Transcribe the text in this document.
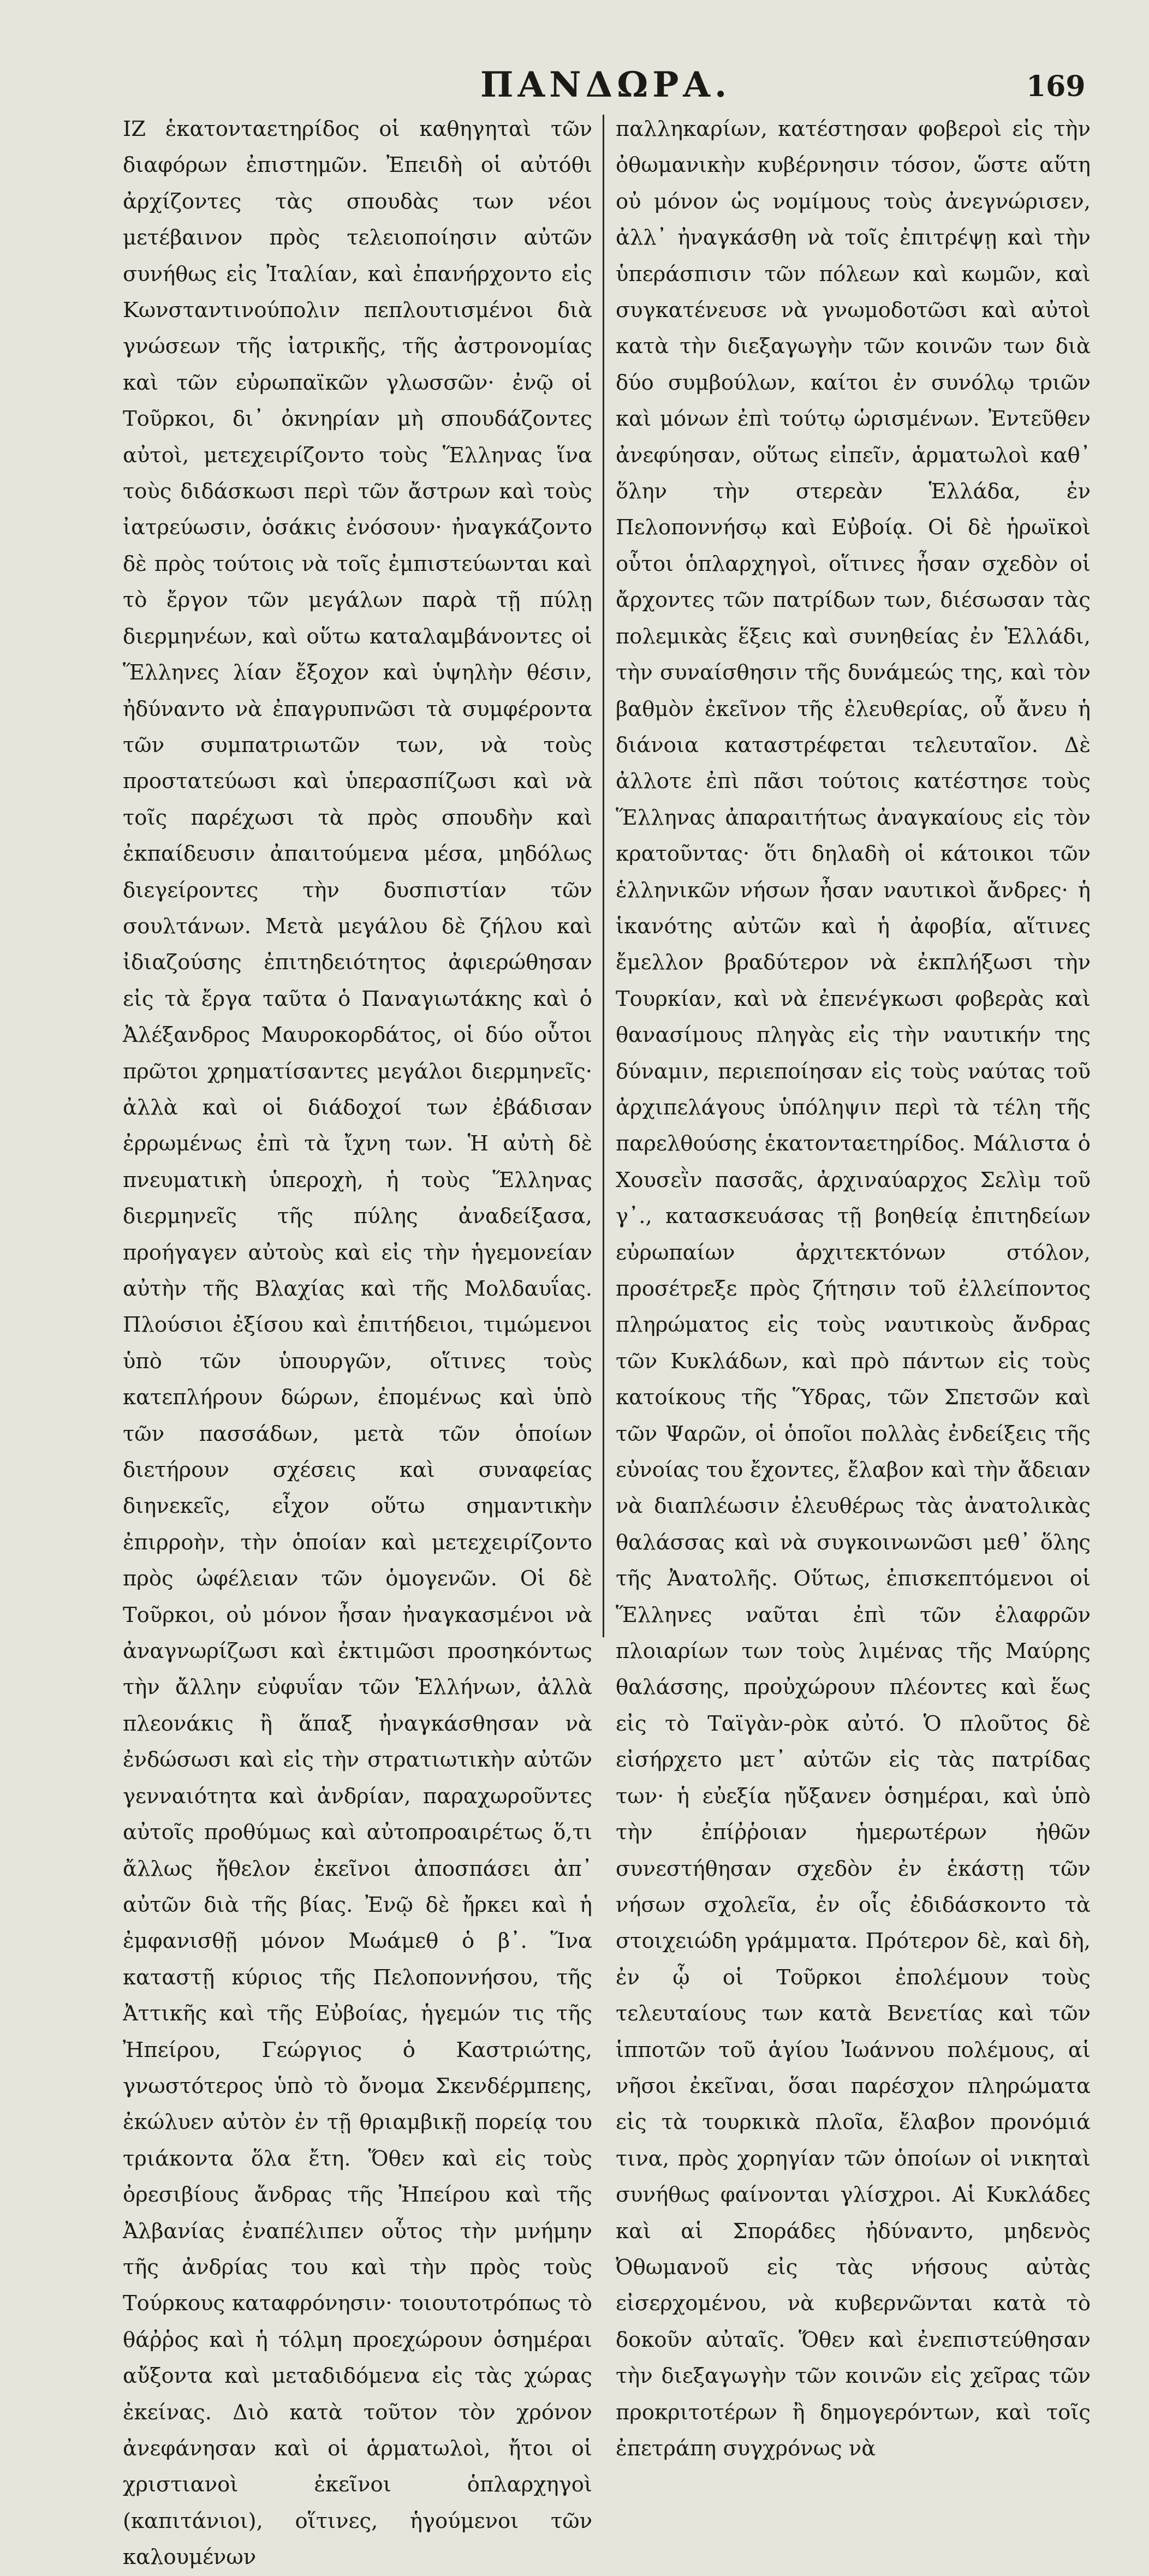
ΠΑΝΔΩΡΑ.	169

ΙΖ ἑκατονταετηρίδος οἱ καθηγηταὶ τῶν διαφόρων ἐπιστημῶν. Ἐπειδὴ οἱ αὐτόθι ἀρχίζοντες τὰς σπουδὰς των νέοι μετέβαινον πρὸς τελειοποίησιν αὐτῶν συνήθως εἰς Ἰταλίαν, καὶ ἐπανήρχοντο εἰς Κωνσταντινούπολιν πεπλουτισμένοι διὰ γνώσεων τῆς ἰατρικῆς, τῆς ἀστρονομίας καὶ τῶν εὐρωπαϊκῶν γλωσσῶν· ἐνῷ οἱ Τοῦρκοι, δι᾽ ὀκνηρίαν μὴ σπουδάζοντες αὐτοὶ, μετεχειρίζοντο τοὺς Ἕλληνας ἵνα τοὺς διδάσκωσι περὶ τῶν ἄστρων καὶ τοὺς ἰατρεύωσιν, ὁσάκις ἐνόσουν· ἠναγκάζοντο δὲ πρὸς τούτοις νὰ τοῖς ἐμπιστεύωνται καὶ τὸ ἔργον τῶν μεγάλων παρὰ τῇ πύλῃ διερμηνέων, καὶ οὕτω καταλαμβάνοντες οἱ Ἕλληνες λίαν ἔξοχον καὶ ὑψηλὴν θέσιν, ἠδύναντο νὰ ἐπαγρυπνῶσι τὰ συμφέροντα τῶν συμπατριωτῶν των, νὰ τοὺς προστατεύωσι καὶ ὑπερασπίζωσι καὶ νὰ τοῖς παρέχωσι τὰ πρὸς σπουδὴν καὶ ἐκπαίδευσιν ἀπαιτούμενα μέσα, μηδόλως διεγείροντες τὴν δυσπιστίαν τῶν σουλτάνων. Μετὰ μεγάλου δὲ ζήλου καὶ ἰδιαζούσης ἐπιτηδειότητος ἀφιερώθησαν εἰς τὰ ἔργα ταῦτα ὁ Παναγιωτάκης καὶ ὁ Ἀλέξανδρος Μαυροκορδάτος, οἱ δύο οὗτοι πρῶτοι χρηματίσαντες μεγάλοι διερμηνεῖς· ἀλλὰ καὶ οἱ διάδοχοί των ἐβάδισαν ἐρρωμένως ἐπὶ τὰ ἴχνη των. Ἡ αὐτὴ δὲ πνευματικὴ ὑπεροχὴ, ἡ τοὺς Ἕλληνας διερμηνεῖς τῆς πύλης ἀναδείξασα, προήγαγεν αὐτοὺς καὶ εἰς τὴν ἡγεμονείαν αὐτὴν τῆς Βλαχίας καὶ τῆς Μολδαυΐας. Πλούσιοι ἐξίσου καὶ ἐπιτήδειοι, τιμώμενοι ὑπὸ τῶν ὑπουργῶν, οἵτινες τοὺς κατεπλήρουν δώρων, ἐπομένως καὶ ὑπὸ τῶν πασσάδων, μετὰ τῶν ὁποίων διετήρουν σχέσεις καὶ συναφείας διηνεκεῖς, εἶχον οὕτω σημαντικὴν ἐπιρροὴν, τὴν ὁποίαν καὶ μετεχειρίζοντο πρὸς ὠφέλειαν τῶν ὁμογενῶν. Οἱ δὲ Τοῦρκοι, οὐ μόνον ἦσαν ἠναγκασμένοι νὰ ἀναγνωρίζωσι καὶ ἐκτιμῶσι προσηκόντως τὴν ἄλλην εὐφυΐαν τῶν Ἑλλήνων, ἀλλὰ πλεονάκις ἢ ἅπαξ ἠναγκάσθησαν νὰ ἐνδώσωσι καὶ εἰς τὴν στρατιωτικὴν αὐτῶν γενναιότητα καὶ ἀνδρίαν, παραχωροῦντες αὐτοῖς προθύμως καὶ αὐτοπροαιρέτως ὅ,τι ἄλλως ἤθελον ἐκεῖνοι ἀποσπάσει ἀπ᾽ αὐτῶν διὰ τῆς βίας. Ἐνῷ δὲ ἤρκει καὶ ἡ ἐμφανισθῇ μόνον Μωάμεθ ὁ β᾽. Ἵνα καταστῇ κύριος τῆς Πελοποννήσου, τῆς Ἀττικῆς καὶ τῆς Εὐβοίας, ἡγεμών τις τῆς Ἠπείρου, Γεώργιος ὁ Καστριώτης, γνωστότερος ὑπὸ τὸ ὄνομα Σκενδέρμπεης, ἐκώλυεν αὐτὸν ἐν τῇ θριαμβικῇ πορείᾳ του τριάκοντα ὅλα ἔτη. Ὅθεν καὶ εἰς τοὺς ὀρεσιβίους ἄνδρας τῆς Ἠπείρου καὶ τῆς Ἀλβανίας ἐναπέλιπεν οὗτος τὴν μνήμην τῆς ἀνδρίας του καὶ τὴν πρὸς τοὺς Τούρκους καταφρόνησιν· τοιουτοτρόπως τὸ θάῤῥος καὶ ἡ τόλμη προεχώρουν ὁσημέραι αὔξοντα καὶ μεταδιδόμενα εἰς τὰς χώρας ἐκείνας. Διὸ κατὰ τοῦτον τὸν χρόνον ἀνεφάνησαν καὶ οἱ ἁρματωλοὶ, ἤτοι οἱ χριστιανοὶ ἐκεῖνοι ὁπλαρχηγοὶ (καπιτάνιοι), οἵτινες, ἡγούμενοι τῶν καλουμένων

παλληκαρίων, κατέστησαν φοβεροὶ εἰς τὴν ὀθωμανικὴν κυβέρνησιν τόσον, ὥστε αὕτη οὐ μόνον ὡς νομίμους τοὺς ἀνεγνώρισεν, ἀλλ᾽ ἠναγκάσθη νὰ τοῖς ἐπιτρέψῃ καὶ τὴν ὑπεράσπισιν τῶν πόλεων καὶ κωμῶν, καὶ συγκατένευσε νὰ γνωμοδοτῶσι καὶ αὐτοὶ κατὰ τὴν διεξαγωγὴν τῶν κοινῶν των διὰ δύο συμβούλων, καίτοι ἐν συνόλῳ τριῶν καὶ μόνων ἐπὶ τούτῳ ὡρισμένων. Ἐντεῦθεν ἀνεφύησαν, οὕτως εἰπεῖν, ἁρματωλοὶ καθ᾽ ὅλην τὴν στερεὰν Ἑλλάδα, ἐν Πελοποννήσῳ καὶ Εὐβοίᾳ. Οἱ δὲ ἡρωϊκοὶ οὗτοι ὁπλαρχηγοὶ, οἵτινες ἦσαν σχεδὸν οἱ ἄρχοντες τῶν πατρίδων των, διέσωσαν τὰς πολεμικὰς ἕξεις καὶ συνηθείας ἐν Ἑλλάδι, τὴν συναίσθησιν τῆς δυνάμεώς της, καὶ τὸν βαθμὸν ἐκεῖνον τῆς ἐλευθερίας, οὗ ἄνευ ἡ διάνοια καταστρέφεται τελευταῖον. Δὲ ἀλλοτε ἐπὶ πᾶσι τούτοις κατέστησε τοὺς Ἕλληνας ἀπαραιτήτως ἀναγκαίους εἰς τὸν κρατοῦντας· ὅτι δηλαδὴ οἱ κάτοικοι τῶν ἑλληνικῶν νήσων ἦσαν ναυτικοὶ ἄνδρες· ἡ ἱκανότης αὐτῶν καὶ ἡ ἀφοβία, αἵτινες ἔμελλον βραδύτερον νὰ ἐκπλήξωσι τὴν Τουρκίαν, καὶ νὰ ἐπενέγκωσι φοβερὰς καὶ θανασίμους πληγὰς εἰς τὴν ναυτικήν της δύναμιν, περιεποίησαν εἰς τοὺς ναύτας τοῦ ἀρχιπελάγους ὑπόληψιν περὶ τὰ τέλη τῆς παρελθούσης ἑκατονταετηρίδος. Μάλιστα ὁ Χουσεῒν πασσᾶς, ἀρχιναύαρχος Σελὶμ τοῦ γ᾽., κατασκευάσας τῇ βοηθείᾳ ἐπιτηδείων εὐρωπαίων ἀρχιτεκτόνων στόλον, προσέτρεξε πρὸς ζήτησιν τοῦ ἐλλείποντος πληρώματος εἰς τοὺς ναυτικοὺς ἄνδρας τῶν Κυκλάδων, καὶ πρὸ πάντων εἰς τοὺς κατοίκους τῆς Ὕδρας, τῶν Σπετσῶν καὶ τῶν Ψαρῶν, οἱ ὁποῖοι πολλὰς ἐνδείξεις τῆς εὐνοίας του ἔχοντες, ἔλαβον καὶ τὴν ἄδειαν νὰ διαπλέωσιν ἐλευθέρως τὰς ἀνατολικὰς θαλάσσας καὶ νὰ συγκοινωνῶσι μεθ᾽ ὅλης τῆς Ἀνατολῆς. Οὕτως, ἐπισκεπτόμενοι οἱ Ἕλληνες ναῦται ἐπὶ τῶν ἐλαφρῶν πλοιαρίων των τοὺς λιμένας τῆς Μαύρης θαλάσσης, προὐχώρουν πλέοντες καὶ ἕως εἰς τὸ Ταϊγὰν-ρὸκ αὐτό. Ὁ πλοῦτος δὲ εἰσήρχετο μετ᾽ αὐτῶν εἰς τὰς πατρίδας των· ἡ εὐεξία ηὔξανεν ὁσημέραι, καὶ ὑπὸ τὴν ἐπίῤῥοιαν ἡμερωτέρων ἠθῶν συνεστήθησαν σχεδὸν ἐν ἑκάστῃ τῶν νήσων σχολεῖα, ἐν οἷς ἐδιδάσκοντο τὰ στοιχειώδη γράμματα. Πρότερον δὲ, καὶ δὴ, ἐν ᾧ οἱ Τοῦρκοι ἐπολέμουν τοὺς τελευταίους των κατὰ Βενετίας καὶ τῶν ἱπποτῶν τοῦ ἁγίου Ἰωάννου πολέμους, αἱ νῆσοι ἐκεῖναι, ὅσαι παρέσχον πληρώματα εἰς τὰ τουρκικὰ πλοῖα, ἔλαβον προνόμιά τινα, πρὸς χορηγίαν τῶν ὁποίων οἱ νικηταὶ συνήθως φαίνονται γλίσχροι. Αἱ Κυκλάδες καὶ αἱ Σποράδες ἠδύναντο, μηδενὸς Ὀθωμανοῦ εἰς τὰς νήσους αὐτὰς εἰσερχομένου, νὰ κυβερνῶνται κατὰ τὸ δοκοῦν αὐταῖς. Ὅθεν καὶ ἐνεπιστεύθησαν τὴν διεξαγωγὴν τῶν κοινῶν εἰς χεῖρας τῶν προκριτοτέρων ἢ δημογερόντων, καὶ τοῖς ἐπετράπη συγχρόνως νὰ
